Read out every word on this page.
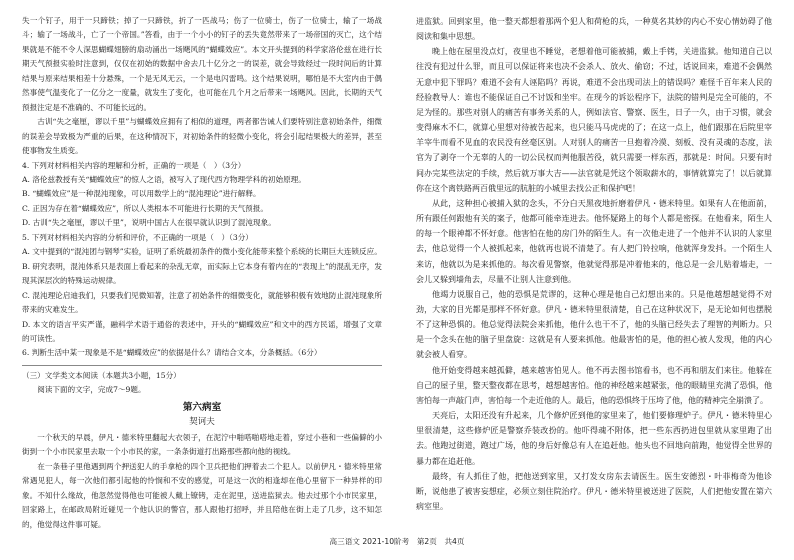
失一个钉子，用于一只蹄铁；掉了一只蹄铁，折了一匹战马；伤了一位骑士，伤了一位骑士，输了一场战斗；输了一场战斗，亡了一个帝国。”答看，由于一个小小的钉子的丢失竟然带来了一场帝国的灭亡，这个结果就是不能不令人深思蝴蝶翅膀的扇动涌出一场飓风的“蝴蝶效应”。本文开头提到的科学家洛伦兹在进行长期天气预报实验时注意到，仅仅在初始的数据中舍去几十亿分之一的误差，就会导致经过一段时间后的计算结果与原来结果相差十分悬殊，一个是无风无云，一个是电闪雷鸣。这个结果说明，哪怕是不大室内由于偶然事使气温变化了一亿分之一度量，就发生了变化，也可能在几个月之后带来一场飓风。因此，长期的天气预报注定是不准确的、不可能长远的。

古训“失之毫厘，谬以千里”与蝴蝶效应拥有了相似的道理，两者都告诫人们要特别注意初始条件，细微的误差会导致极为严重的后果，在这种情况下，对初始条件的轻微小变化，将会引起结果极大的差异，甚至使事物发生质变。

4. 下列对材料相关内容的理解和分析，正确的一项是（　）（3分）

A. 洛伦兹教授有关“蝴蝶效应”的惊人之语，被写入了现代西方物理学科的初始原理。

B. “蝴蝶效应”是一种混沌现象，可以用数学上的“混沌理论”进行解释。

C. 正因为存在着“蝴蝶效应”，所以人类根本不可能进行长期的天气预报。

D. 古训“失之毫厘，谬以千里”，说明中国古人在很早就认识到了混沌现象。

5. 下列对材料相关内容的分析和评价，不正确的一项是（　）（3分）

A. 文中提到的“混沌团与钢琴”实验，证明了系统最初条件的微小变化能带来整个系统的长期巨大连锁反应。

B. 研究表明，混沌体系只是表面上看起来的杂乱无章，而实际上它本身有着内在的“表现上”的混乱无序，发现其深层次的特殊运动规律。

C. 混沌理论启迪我们，只要我们见微知著，注意了初始条件的细微变化，就能够积极有效地防止混沌现象所带来的灾难发生。

D. 本文的语言平实严谨，融科学术语于通俗的表述中，开头的“蝴蝶效应”和文中的西方民谣，增强了文章的可读性。

6. 判断生活中某一现象是不是“蝴蝶效应”的依据是什么？请结合文本，分条概括。（6分）

（三）文学类文本阅读（本题共3小题，15分）

阅读下面的文字，完成7～9题。

第六病室
契诃夫

一个秋天的早晨，伊凡・德米特里翻起大衣领子，在泥泞中啪嗒啪嗒地走着，穿过小巷和一些偏僻的小街到一个小市民家里去取一个小市民的家，一条条街道打出路那些都向他的视线。

在一条巷子里他遇到两个押送犯人的手拿枪的四个卫兵把他们押着去二个犯人。以前伊凡・德米特里常常遇见犯人，每一次他们都引起他的怜悯和不安的感觉，可是这一次的相逢却在他心里留下一种异样的印象。不知什么缘故，他忽然觉得他也可能被人戴上镣铐，走在泥里，送进监狱去。他去过那个小市民家里，回家路上，在邮政局附近碰见一个他认识的警官，那人跟他打招呼，并且陪他在街上走了几步，这不知怎的，他觉得这件事可疑。

进监狱。回到家里，他一整天都想着那两个犯人和荷枪的兵，一种莫名其妙的内心不安心情妨碍了他阅读和集中思想。

晚上他在屋里没点灯，夜里也不睡觉，老想着他可能被捕，戴上手铐，关进监狱。他知道自己以往没有犯过什么罪，而且可以保证将来也决不会杀人、放火、偷窃；不过，话说回来，难道不会偶然无意中犯下罪吗？难道不会有人诬陷吗？再说，难道不会出现司法上的错误吗？难怪千百年来人民的经验教导人：谁也不能保证自己不讨饭和坐牢。在现今的诉讼程序下，法院的错判是完全可能的，不足为怪的。那些对别人的痛苦有事务关系的人，例如法官、警察、医生，日子一久，由于习惯，就会变得麻木不仁，就算心里想对待被告起来，也只能马马虎虎的了；在这一点上，他们跟那在后院里宰羊宰牛而看不见血的农民没有丝毫区别。人对别人的痛苦一旦抱着冷漠、刻板、没有灵魂的态度，法官为了剥夺一个无辜的人的一切公民权而判他服苦役，就只需要一样东西，那就是：时间。只要有时间办完某些法定的手续，然后就万事大吉——法官就是凭这个领取薪水的，事情就算完了！以后就算你在这个离铁路两百俄里远的肮脏的小城里去找公正和保护吧！

从此，这种担心被捕入狱的念头，不分白天黑夜地折磨着伊凡・德米特里。如果有人在他面前，所有跟任何跟他有关的案子，他都可能牵连进去。他怀疑路上的每个人都是密探。在他看来，陌生人的每一个眼神都不怀好意。他害怕在他的房门外的陌生人。有一次他走进了一个他并不认识的人家里去，他总觉得一个人被抓起来，他就再也说不清楚了。有人把门铃拉响，他就浑身发抖。一个陌生人来访，他就以为是来抓他的。每次看见警察，他就觉得那是冲着他来的，他总是一会儿贴着墙走，一会儿又躲到墙角去，尽量不让别人注意到他。

他竭力说服自己，他的恐惧是荒谬的，这种心理是他自己幻想出来的。只是他越想越觉得不对劲，大家的目光都是那样不怀好意。伊凡・德米特里很清楚，自己在这种状况下，是无论如何也摆脱不了这种恐惧的。他总觉得法院会来抓他，他什么也干不了，他的头脑已经失去了理智的判断力。只是一个念头在他的脑子里盘旋：这就是有人要来抓他。他最害怕的是，他的担心被人发现，他的内心就会被人看穿。

他开始变得越来越孤僻，越来越害怕见人。他不再去图书馆看书，也不再和朋友们来往。他躲在自己的屋子里，整天整夜都在思考，越想越害怕。他的神经越来越紧张，他的眼睛里充满了恐惧，他害怕每一声敲门声，害怕每一个走近他的人。最后，他的恐惧终于压垮了他，他的精神完全崩溃了。

天亮后，太阳还没有升起来，几个修炉匠到他的家里来了，他们要修理炉子。伊凡・德米特里心里很清楚，这些修炉匠是警察乔装改扮的。他吓得魂不附体，把一些东西扔进包里就从家里跑了出去。他跑过街道，跑过广场，他的身后好像总有人在追赶他。他头也不回地向前跑，他觉得全世界的暴力都在追赶他。

最终，有人抓住了他，把他送到家里，又打发女房东去请医生。医生安德烈・叶菲梅奇为他诊断，说他患了被害妄想症，必须立刻住院治疗。伊凡・德米特里被送进了医院，人们把他安置在第六病室里。

高三语文 2021-10阶考　第2页　共4页
